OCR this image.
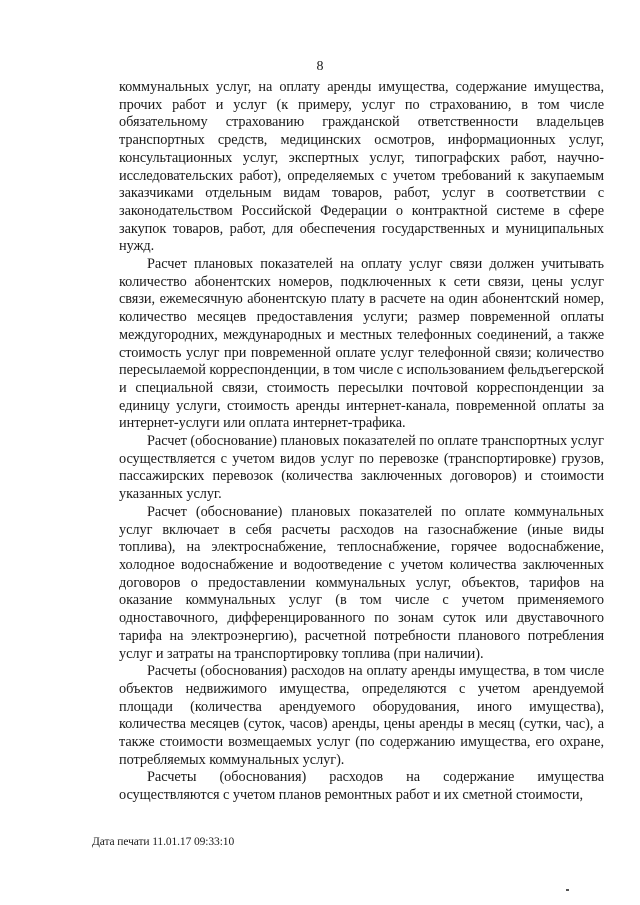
8

коммунальных услуг, на оплату аренды имущества, содержание имущества, прочих работ и услуг (к примеру, услуг по страхованию, в том числе обязательному страхованию гражданской ответственности владельцев транспортных средств, медицинских осмотров, информационных услуг, консультационных услуг, экспертных услуг, типографских работ, научно-исследовательских работ), определяемых с учетом требований к закупаемым заказчиками отдельным видам товаров, работ, услуг в соответствии с законодательством Российской Федерации о контрактной системе в сфере закупок товаров, работ, для обеспечения государственных и муниципальных нужд.

Расчет плановых показателей на оплату услуг связи должен учитывать количество абонентских номеров, подключенных к сети связи, цены услуг связи, ежемесячную абонентскую плату в расчете на один абонентский номер, количество месяцев предоставления услуги; размер повременной оплаты междугородних, международных и местных телефонных соединений, а также стоимость услуг при повременной оплате услуг телефонной связи; количество пересылаемой корреспонденции, в том числе с использованием фельдъегерской и специальной связи, стоимость пересылки почтовой корреспонденции за единицу услуги, стоимость аренды интернет-канала, повременной оплаты за интернет-услуги или оплата интернет-трафика.

Расчет (обоснование) плановых показателей по оплате транспортных услуг осуществляется с учетом видов услуг по перевозке (транспортировке) грузов, пассажирских перевозок (количества заключенных договоров) и стоимости указанных услуг.

Расчет (обоснование) плановых показателей по оплате коммунальных услуг включает в себя расчеты расходов на газоснабжение (иные виды топлива), на электроснабжение, теплоснабжение, горячее водоснабжение, холодное водоснабжение и водоотведение с учетом количества заключенных договоров о предоставлении коммунальных услуг, объектов, тарифов на оказание коммунальных услуг (в том числе с учетом применяемого одноставочного, дифференцированного по зонам суток или двуставочного тарифа на электроэнергию), расчетной потребности планового потребления услуг и затраты на транспортировку топлива (при наличии).

Расчеты (обоснования) расходов на оплату аренды имущества, в том числе объектов недвижимого имущества, определяются с учетом арендуемой площади (количества арендуемого оборудования, иного имущества), количества месяцев (суток, часов) аренды, цены аренды в месяц (сутки, час), а также стоимости возмещаемых услуг (по содержанию имущества, его охране, потребляемых коммунальных услуг).

Расчеты (обоснования) расходов на содержание имущества осуществляются с учетом планов ремонтных работ и их сметной стоимости,

Дата печати 11.01.17 09:33:10
